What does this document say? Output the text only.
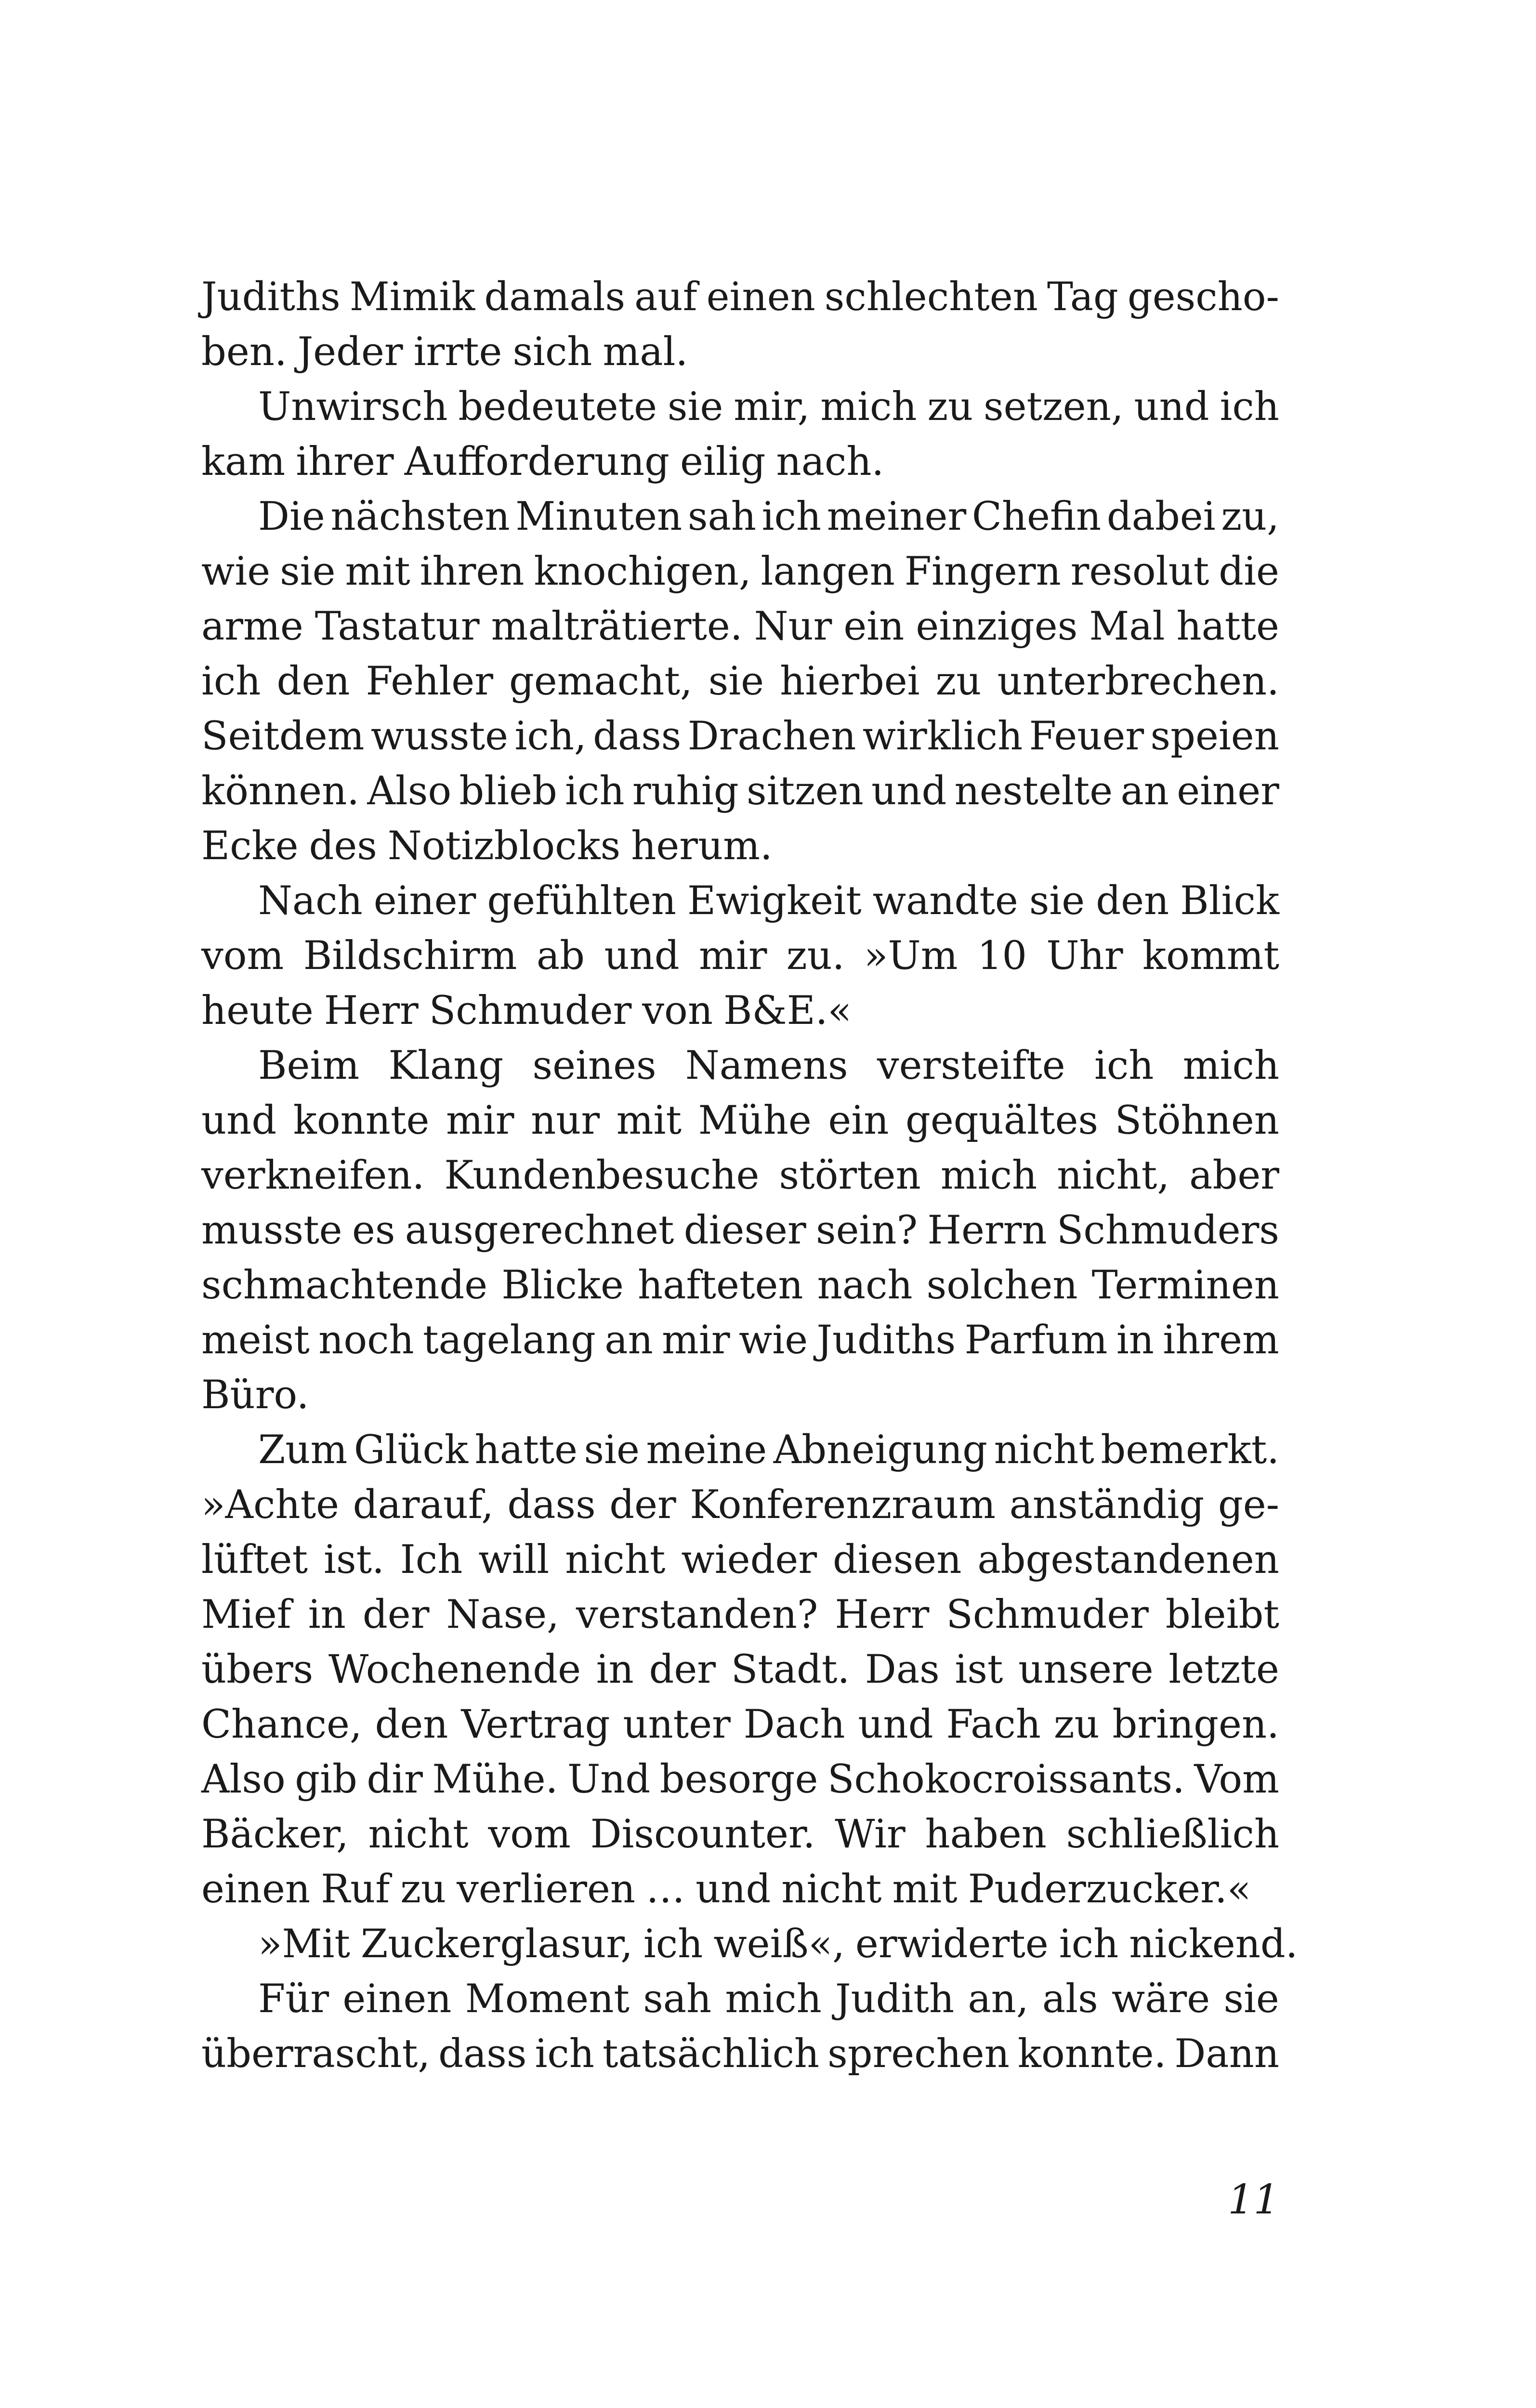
Judiths Mimik damals auf einen schlechten Tag gescho-
ben. Jeder irrte sich mal.
Unwirsch bedeutete sie mir, mich zu setzen, und ich
kam ihrer Aufforderung eilig nach.
Die nächsten Minuten sah ich meiner Chefin dabei zu,
wie sie mit ihren knochigen, langen Fingern resolut die
arme Tastatur malträtierte. Nur ein einziges Mal hatte
ich den Fehler gemacht, sie hierbei zu unterbrechen.
Seitdem wusste ich, dass Drachen wirklich Feuer speien
können. Also blieb ich ruhig sitzen und nestelte an einer
Ecke des Notizblocks herum.
Nach einer gefühlten Ewigkeit wandte sie den Blick
vom Bildschirm ab und mir zu. »Um 10 Uhr kommt
heute Herr Schmuder von B&E.«
Beim Klang seines Namens versteifte ich mich
und konnte mir nur mit Mühe ein gequältes Stöhnen
verkneifen. Kundenbesuche störten mich nicht, aber
musste es ausgerechnet dieser sein? Herrn Schmuders
schmachtende Blicke hafteten nach solchen Terminen
meist noch tagelang an mir wie Judiths Parfum in ihrem
Büro.
Zum Glück hatte sie meine Abneigung nicht bemerkt.
»Achte darauf, dass der Konferenzraum anständig ge-
lüftet ist. Ich will nicht wieder diesen abgestandenen
Mief in der Nase, verstanden? Herr Schmuder bleibt
übers Wochenende in der Stadt. Das ist unsere letzte
Chance, den Vertrag unter Dach und Fach zu bringen.
Also gib dir Mühe. Und besorge Schokocroissants. Vom
Bäcker, nicht vom Discounter. Wir haben schließlich
einen Ruf zu verlieren … und nicht mit Puderzucker.«
»Mit Zuckerglasur, ich weiß«, erwiderte ich nickend.
Für einen Moment sah mich Judith an, als wäre sie
überrascht, dass ich tatsächlich sprechen konnte. Dann
11
